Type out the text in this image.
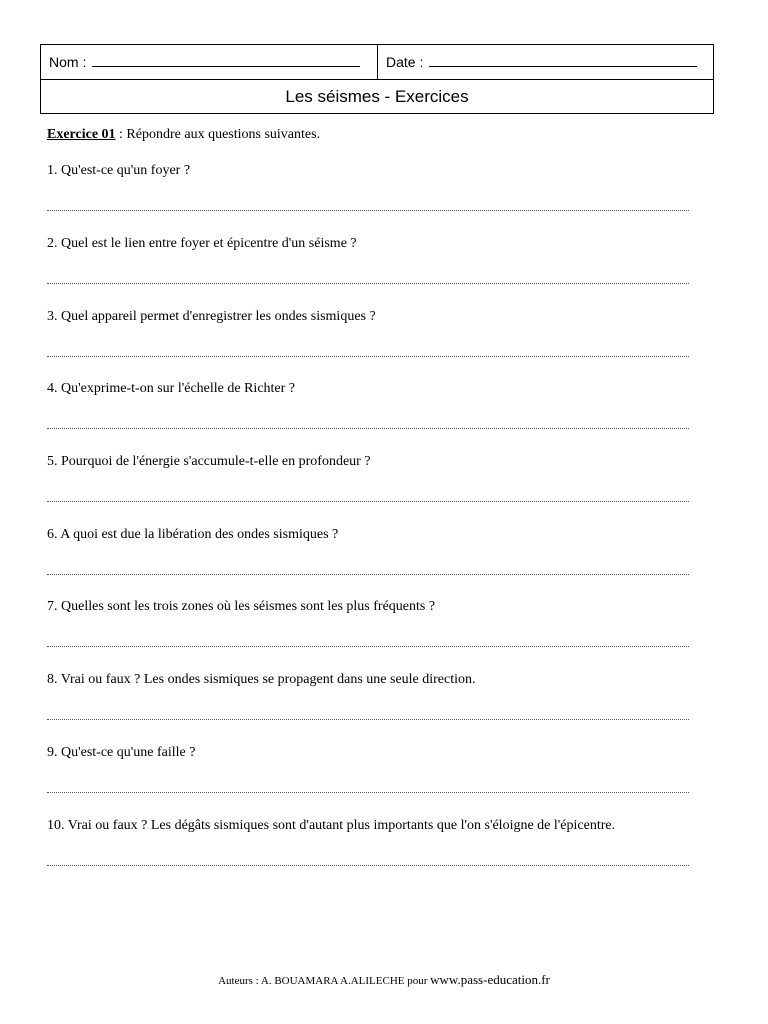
Nom :	Date :
Les séismes - Exercices
Exercice 01 : Répondre aux questions suivantes.
1. Qu'est-ce qu'un foyer ?
2. Quel est le lien entre foyer et épicentre d'un séisme ?
3. Quel appareil permet d'enregistrer les ondes sismiques ?
4. Qu'exprime-t-on sur l'échelle de Richter ?
5. Pourquoi de l'énergie s'accumule-t-elle en profondeur ?
6. A quoi est due la libération des ondes sismiques ?
7. Quelles sont les trois zones où les séismes sont les plus fréquents ?
8. Vrai ou faux ? Les ondes sismiques se propagent dans une seule direction.
9. Qu'est-ce qu'une faille ?
10. Vrai ou faux ? Les dégâts sismiques sont d'autant plus importants que l'on s'éloigne de l'épicentre.
Auteurs : A. BOUAMARA A.ALILECHE pour www.pass-education.fr
